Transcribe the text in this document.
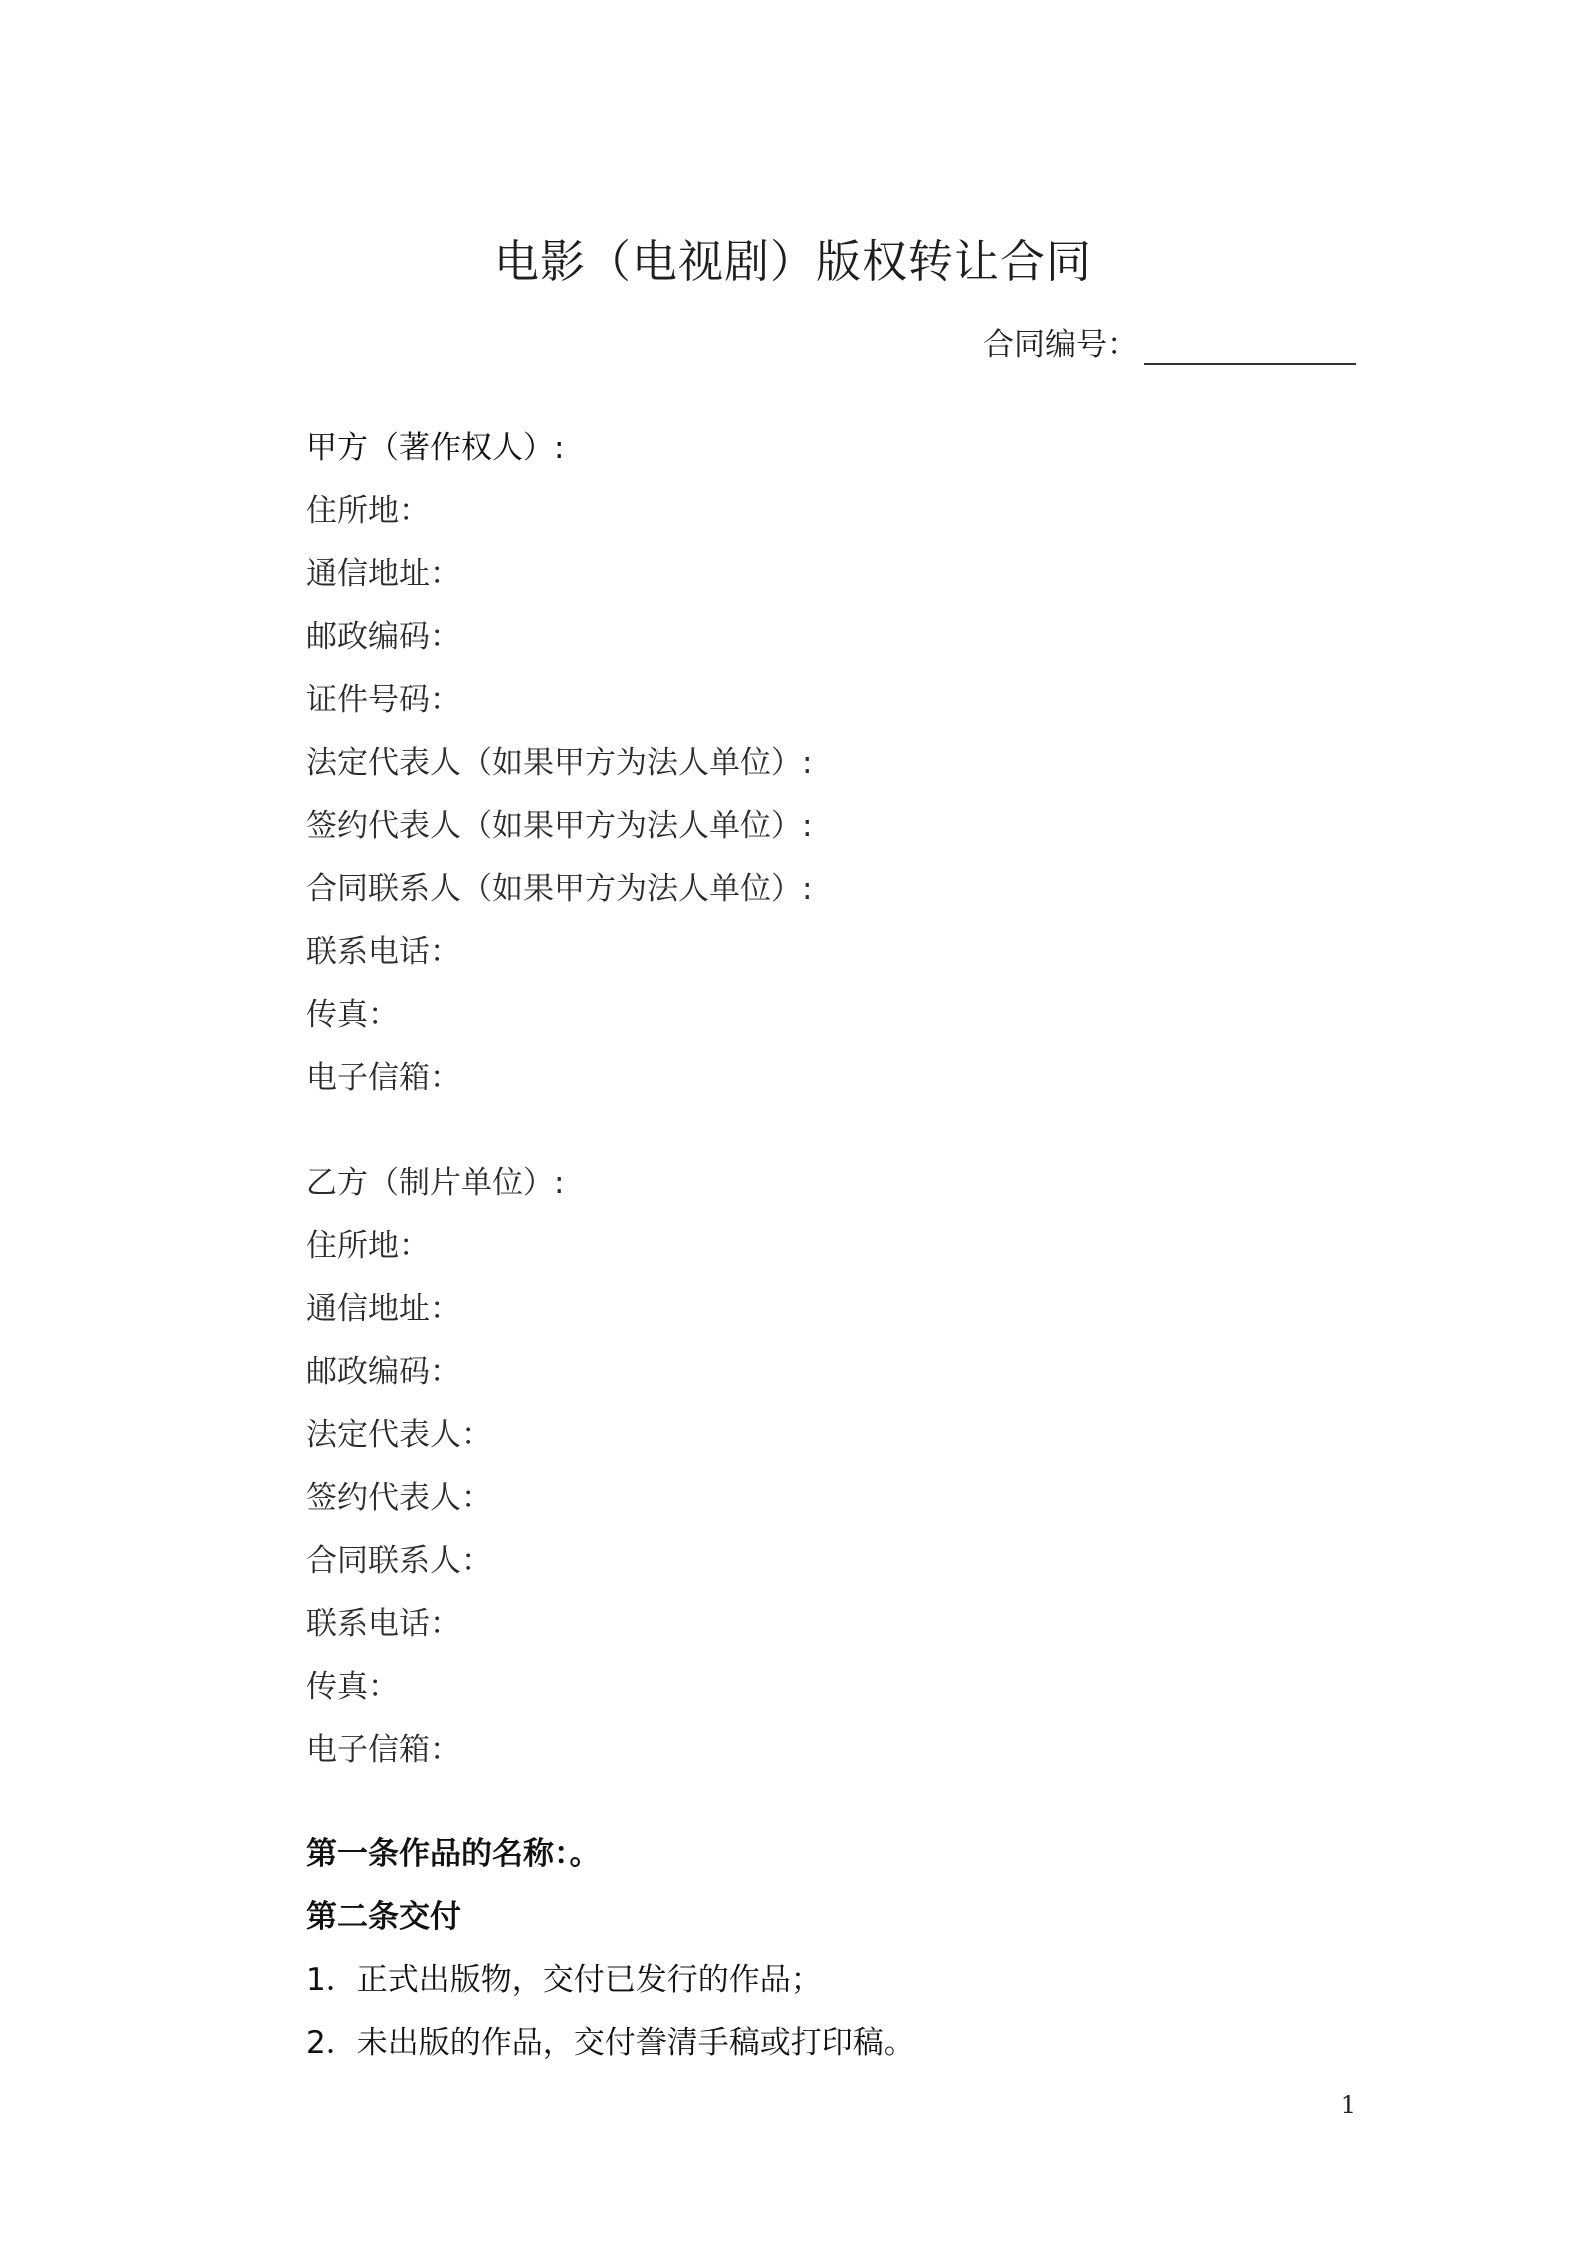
电影（电视剧）版权转让合同
合同编号：
甲方（著作权人）:
住所地：
通信地址：
邮政编码：
证件号码：
法定代表人（如果甲方为法人单位）:
签约代表人（如果甲方为法人单位）:
合同联系人（如果甲方为法人单位）:
联系电话：
传真：
电子信箱：
乙方（制片单位）:
住所地：
通信地址：
邮政编码：
法定代表人：
签约代表人：
合同联系人：
联系电话：
传真：
电子信箱：
第一条作品的名称：。
第二条交付
1．正式出版物，交付已发行的作品；
2．未出版的作品，交付誊清手稿或打印稿。
1
